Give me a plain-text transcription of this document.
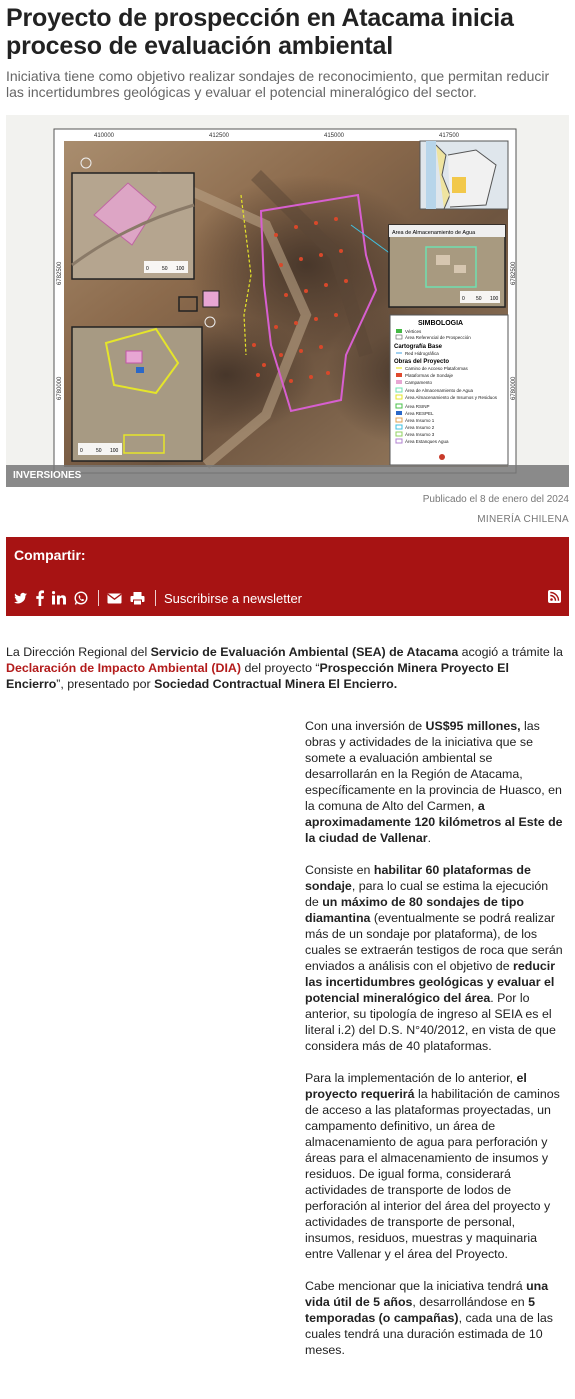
Proyecto de prospección en Atacama inicia proceso de evaluación ambiental

Iniciativa tiene como objetivo realizar sondajes de reconocimiento, que permitan reducir las incertidumbres geológicas y evaluar el potencial mineralógico del sector.

410000	412500	415000	417500
6782500
6780000
6782500
6780000
0	50 100
0	50 100
Area de Almacenamiento de Agua
0 50 100
SIMBOLOGIA
Vértices
Área Referencial de Prospección
Cartografía Base
Red Hidrográfica
Obras del Proyecto
Camino de Acceso Plataformas
Plataformas de Sondaje
Campamento
Área de Almacenamiento de Agua
Área Almacenamiento de Insumos y Residuos
Área RSINP
Área RESPEL
Área Insumo 1
Área Insumo 2
Área Insumo 3
Área Estanques Agua
INVERSIONES
Publicado el 8 de enero del 2024
MINERÍA CHILENA
Compartir:
Suscribirse a newsletter
La Dirección Regional del Servicio de Evaluación Ambiental (SEA) de Atacama acogió a trámite la Declaración de Impacto Ambiental (DIA) del proyecto “Prospección Minera Proyecto El Encierro”, presentado por Sociedad Contractual Minera El Encierro.

Con una inversión de US$95 millones, las obras y actividades de la iniciativa que se somete a evaluación ambiental se desarrollarán en la Región de Atacama, específicamente en la provincia de Huasco, en la comuna de Alto del Carmen, a aproximadamente 120 kilómetros al Este de la ciudad de Vallenar.

Consiste en habilitar 60 plataformas de sondaje, para lo cual se estima la ejecución de un máximo de 80 sondajes de tipo diamantina (eventualmente se podrá realizar más de un sondaje por plataforma), de los cuales se extraerán testigos de roca que serán enviados a análisis con el objetivo de reducir las incertidumbres geológicas y evaluar el potencial mineralógico del área. Por lo anterior, su tipología de ingreso al SEIA es el literal i.2) del D.S. N°40/2012, en vista de que considera más de 40 plataformas.

Para la implementación de lo anterior, el proyecto requerirá la habilitación de caminos de acceso a las plataformas proyectadas, un campamento definitivo, un área de almacenamiento de agua para perforación y áreas para el almacenamiento de insumos y residuos. De igual forma, considerará actividades de transporte de lodos de perforación al interior del área del proyecto y actividades de transporte de personal, insumos, residuos, muestras y maquinaria entre Vallenar y el área del Proyecto.

Cabe mencionar que la iniciativa tendrá una vida útil de 5 años, desarrollándose en 5 temporadas (o campañas), cada una de las cuales tendrá una duración estimada de 10 meses.
